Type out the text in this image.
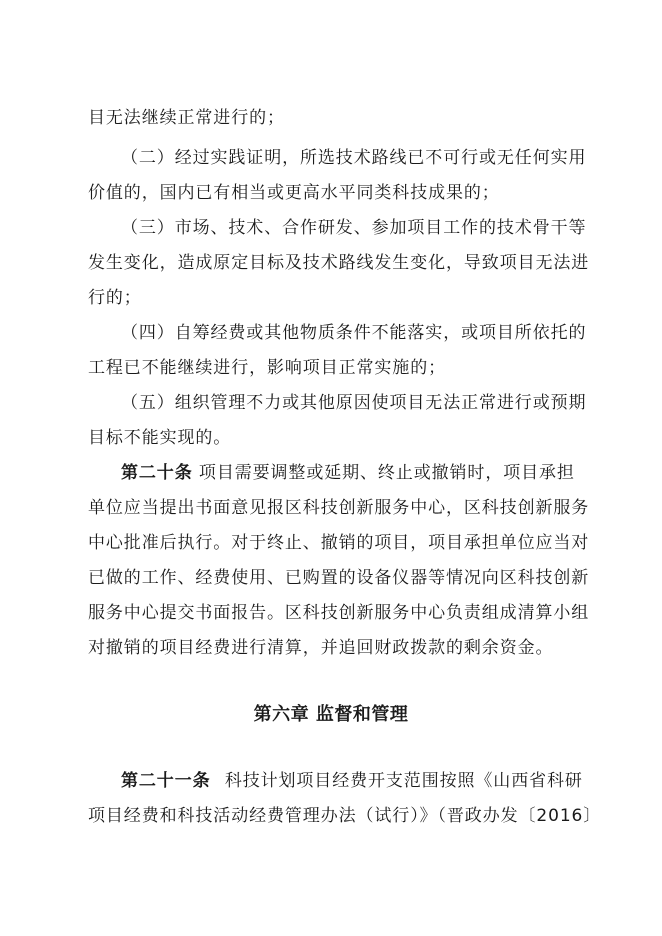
目无法继续正常进行的；
（二）经过实践证明，所选技术路线已不可行或无任何实用
价值的，国内已有相当或更高水平同类科技成果的；
（三）市场、技术、合作研发、参加项目工作的技术骨干等
发生变化，造成原定目标及技术路线发生变化，导致项目无法进
行的；
（四）自筹经费或其他物质条件不能落实，或项目所依托的
工程已不能继续进行，影响项目正常实施的；
（五）组织管理不力或其他原因使项目无法正常进行或预期
目标不能实现的。
第二十条 项目需要调整或延期、终止或撤销时，项目承担
单位应当提出书面意见报区科技创新服务中心，区科技创新服务
中心批准后执行。对于终止、撤销的项目，项目承担单位应当对
已做的工作、经费使用、已购置的设备仪器等情况向区科技创新
服务中心提交书面报告。区科技创新服务中心负责组成清算小组
对撤销的项目经费进行清算，并追回财政拨款的剩余资金。
第六章 监督和管理
第二十一条 科技计划项目经费开支范围按照《山西省科研
项目经费和科技活动经费管理办法（试行）》（晋政办发〔2016〕
